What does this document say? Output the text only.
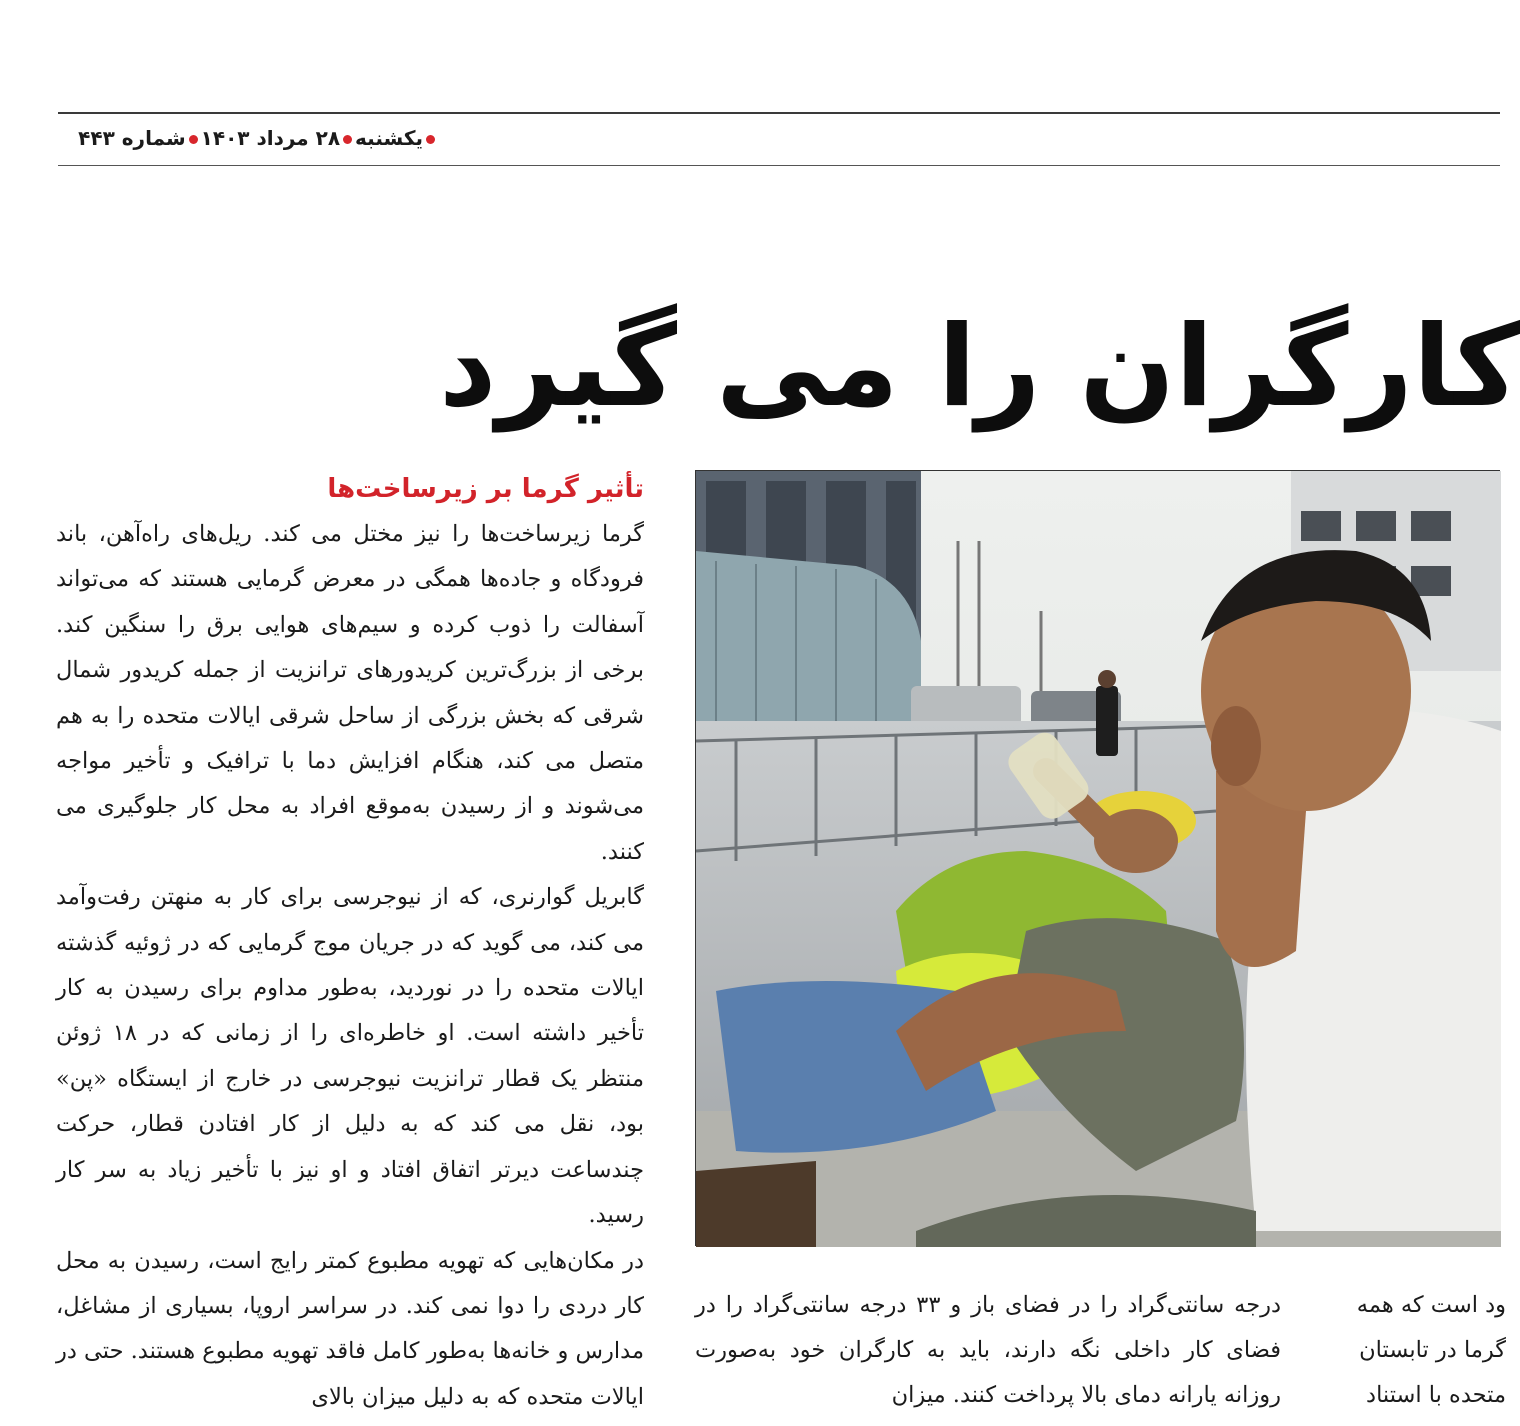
یکشنبه۲۸ مرداد ۱۴۰۳شماره ۴۴۳
کارگران را می گیرد
تأثیر گرما بر زیرساخت‌ها

گرما زیرساخت‌ها را نیز مختل می کند. ریل‌های راه‌آهن، باند فرودگاه و جاده‌ها همگی در معرض گرمایی هستند که می‌تواند آسفالت را ذوب کرده و سیم‌های هوایی برق را سنگین کند. برخی از بزرگ‌ترین کریدورهای ترانزیت از جمله کریدور شمال شرقی که بخش بزرگی از ساحل شرقی ایالات متحده را به هم متصل می کند، هنگام افزایش دما با ترافیک و تأخیر مواجه می‌شوند و از رسیدن به‌موقع افراد به محل کار جلوگیری می کنند.

گابریل گوارنری، که از نیوجرسی برای کار به منهتن رفت‌وآمد می کند، می گوید که در جریان موج گرمایی که در ژوئیه گذشته ایالات متحده را در نوردید، به‌طور مداوم برای رسیدن به کار تأخیر داشته است. او خاطره‌ای را از زمانی که در ۱۸ ژوئن منتظر یک قطار ترانزیت نیوجرسی در خارج از ایستگاه «پن» بود، نقل می کند که به دلیل از کار افتادن قطار، حرکت چندساعت دیرتر اتفاق افتاد و او نیز با تأخیر زیاد به سر کار رسید.

در مکان‌هایی که تهویه مطبوع کمتر رایج است، رسیدن به محل کار دردی را دوا نمی کند. در سراسر اروپا، بسیاری از مشاغل، مدارس و خانه‌ها به‌طور کامل فاقد تهویه مطبوع هستند. حتی در ایالات متحده که به دلیل میزان بالای

درجه سانتی‌گراد را در فضای باز و ۳۳ درجه سانتی‌گراد را در فضای کار داخلی نگه دارند، باید به کارگران خود به‌صورت روزانه یارانه دمای بالا پرداخت کنند. میزان
ود است که همه
گرما در تابستان
متحده با استناد
